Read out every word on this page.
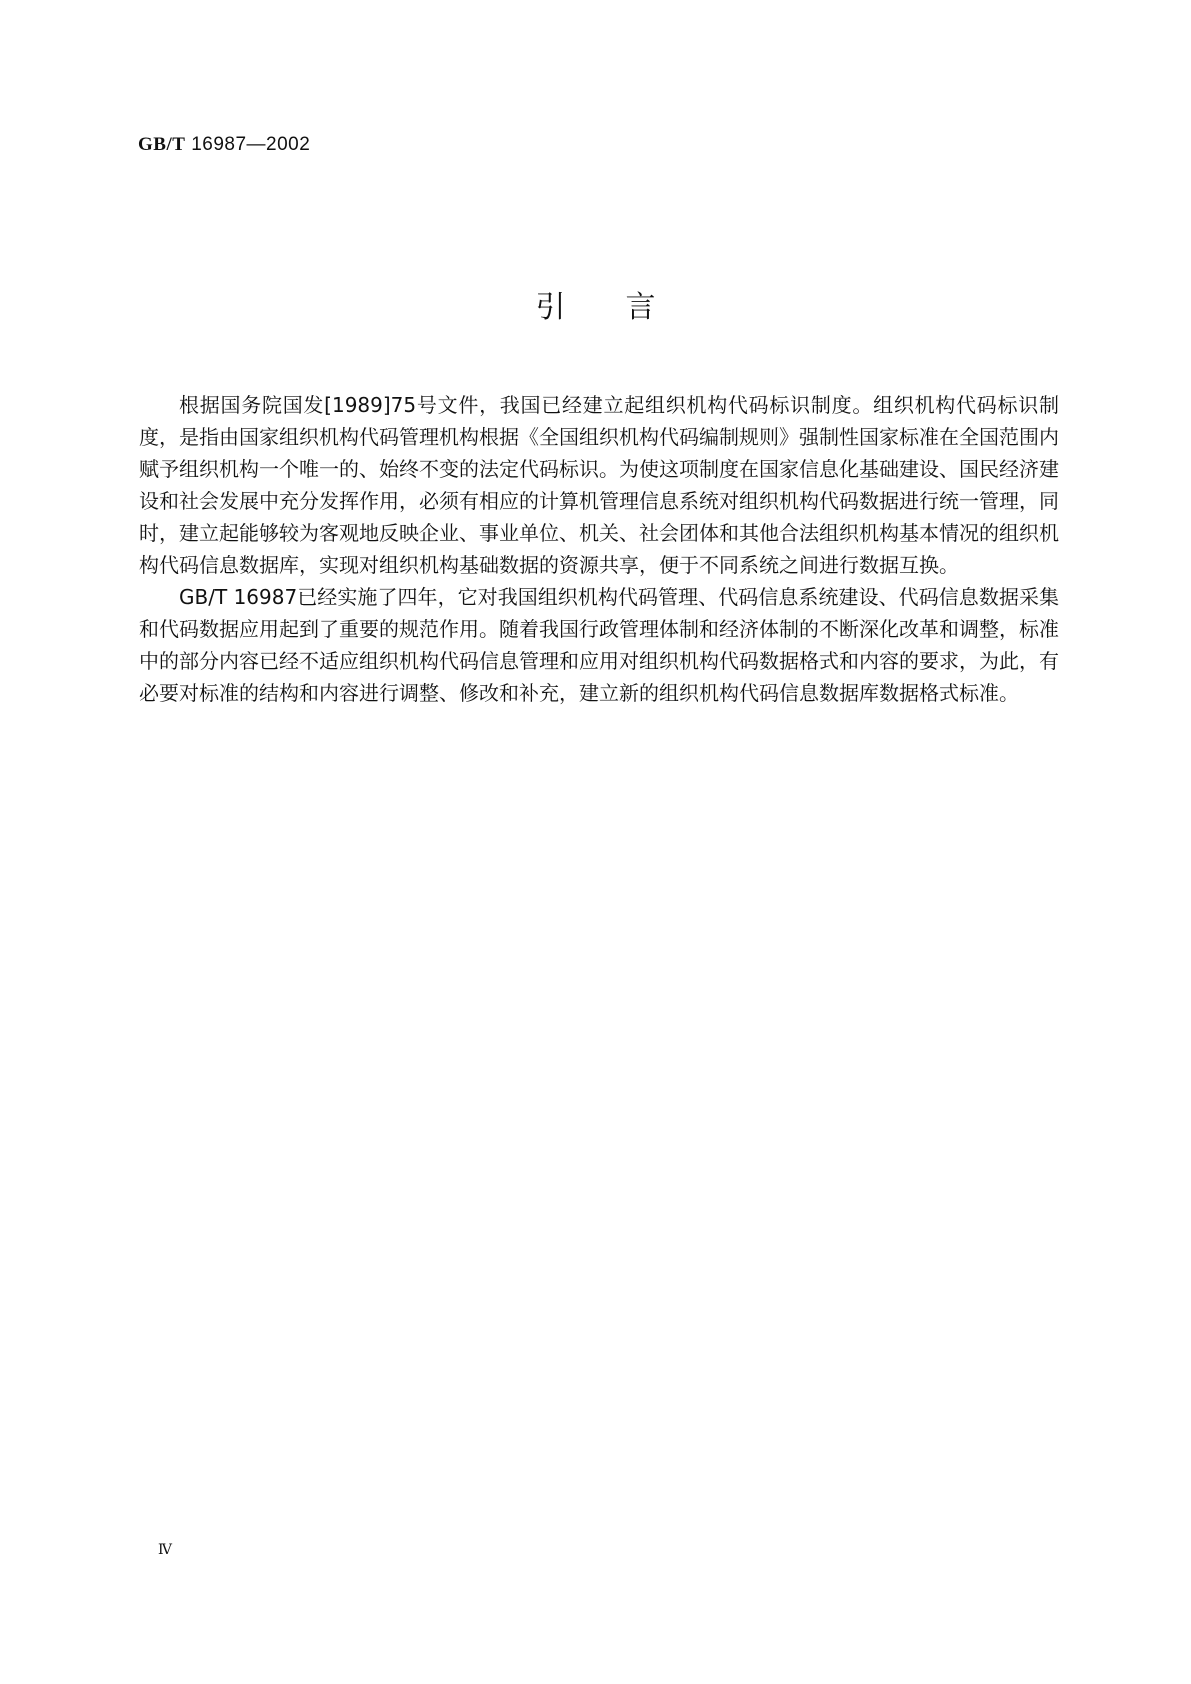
GB/T 16987—2002
引言

根据国务院国发[1989]75号文件，我国已经建立起组织机构代码标识制度。组织机构代码标识制度，是指由国家组织机构代码管理机构根据《全国组织机构代码编制规则》强制性国家标准在全国范围内赋予组织机构一个唯一的、始终不变的法定代码标识。为使这项制度在国家信息化基础建设、国民经济建设和社会发展中充分发挥作用，必须有相应的计算机管理信息系统对组织机构代码数据进行统一管理，同时，建立起能够较为客观地反映企业、事业单位、机关、社会团体和其他合法组织机构基本情况的组织机构代码信息数据库，实现对组织机构基础数据的资源共享，便于不同系统之间进行数据互换。

GB/T 16987已经实施了四年，它对我国组织机构代码管理、代码信息系统建设、代码信息数据采集和代码数据应用起到了重要的规范作用。随着我国行政管理体制和经济体制的不断深化改革和调整，标准中的部分内容已经不适应组织机构代码信息管理和应用对组织机构代码数据格式和内容的要求，为此，有必要对标准的结构和内容进行调整、修改和补充，建立新的组织机构代码信息数据库数据格式标准。

Ⅳ
